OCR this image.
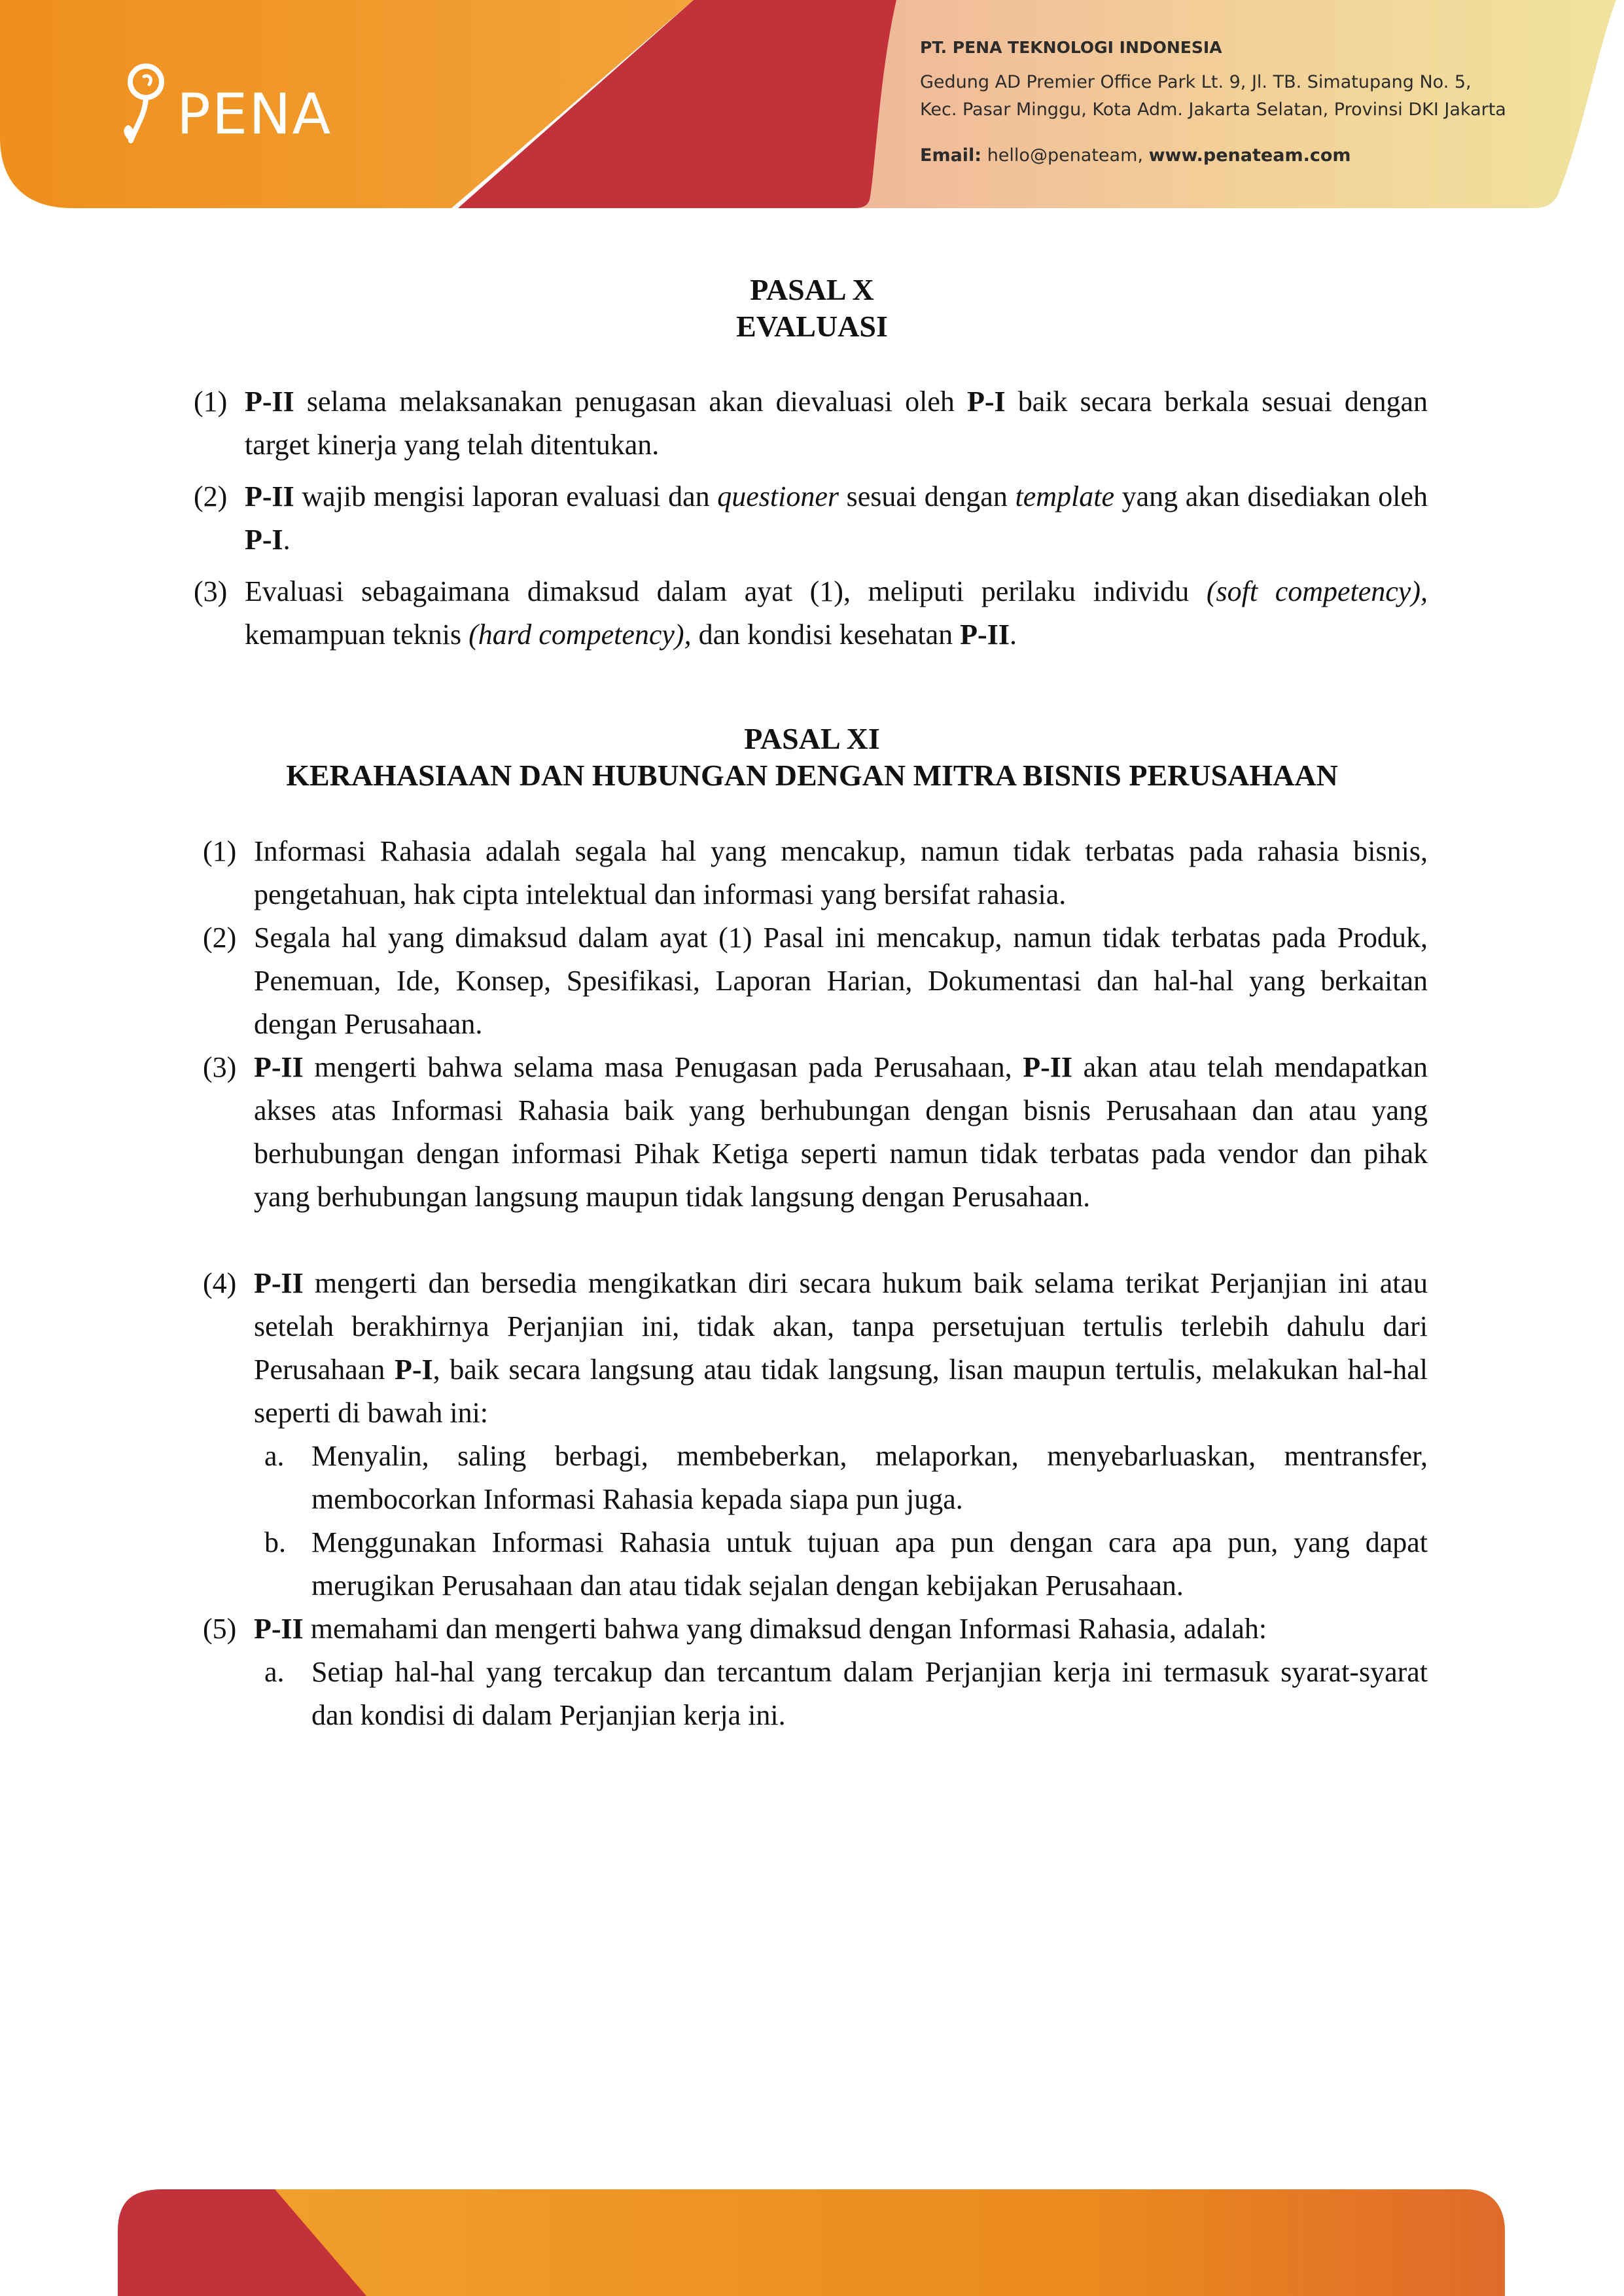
PENA
PT. PENA TEKNOLOGI INDONESIA
Gedung AD Premier Office Park Lt. 9, Jl. TB. Simatupang No. 5,
Kec. Pasar Minggu, Kota Adm. Jakarta Selatan, Provinsi DKI Jakarta
Email: hello@penateam, www.penateam.com
PASAL X
EVALUASI
(1) P-II selama melaksanakan penugasan akan dievaluasi oleh P-I baik secara berkala sesuai dengan target kinerja yang telah ditentukan.
(2) P-II wajib mengisi laporan evaluasi dan questioner sesuai dengan template yang akan disediakan oleh P-I.
(3) Evaluasi sebagaimana dimaksud dalam ayat (1), meliputi perilaku individu (soft competency), kemampuan teknis (hard competency), dan kondisi kesehatan P-II.
PASAL XI
KERAHASIAAN DAN HUBUNGAN DENGAN MITRA BISNIS PERUSAHAAN
(1) Informasi Rahasia adalah segala hal yang mencakup, namun tidak terbatas pada rahasia bisnis, pengetahuan, hak cipta intelektual dan informasi yang bersifat rahasia.
(2) Segala hal yang dimaksud dalam ayat (1) Pasal ini mencakup, namun tidak terbatas pada Produk, Penemuan, Ide, Konsep, Spesifikasi, Laporan Harian, Dokumentasi dan hal-hal yang berkaitan dengan Perusahaan.
(3) P-II mengerti bahwa selama masa Penugasan pada Perusahaan, P-II akan atau telah mendapatkan akses atas Informasi Rahasia baik yang berhubungan dengan bisnis Perusahaan dan atau yang berhubungan dengan informasi Pihak Ketiga seperti namun tidak terbatas pada vendor dan pihak yang berhubungan langsung maupun tidak langsung dengan Perusahaan.
(4) P-II mengerti dan bersedia mengikatkan diri secara hukum baik selama terikat Perjanjian ini atau setelah berakhirnya Perjanjian ini, tidak akan, tanpa persetujuan tertulis terlebih dahulu dari Perusahaan P-I, baik secara langsung atau tidak langsung, lisan maupun tertulis, melakukan hal-hal seperti di bawah ini:
a. Menyalin, saling berbagi, membeberkan, melaporkan, menyebarluaskan, mentransfer, membocorkan Informasi Rahasia kepada siapa pun juga.
b. Menggunakan Informasi Rahasia untuk tujuan apa pun dengan cara apa pun, yang dapat merugikan Perusahaan dan atau tidak sejalan dengan kebijakan Perusahaan.
(5) P-II memahami dan mengerti bahwa yang dimaksud dengan Informasi Rahasia, adalah:
a. Setiap hal-hal yang tercakup dan tercantum dalam Perjanjian kerja ini termasuk syarat-syarat dan kondisi di dalam Perjanjian kerja ini.
